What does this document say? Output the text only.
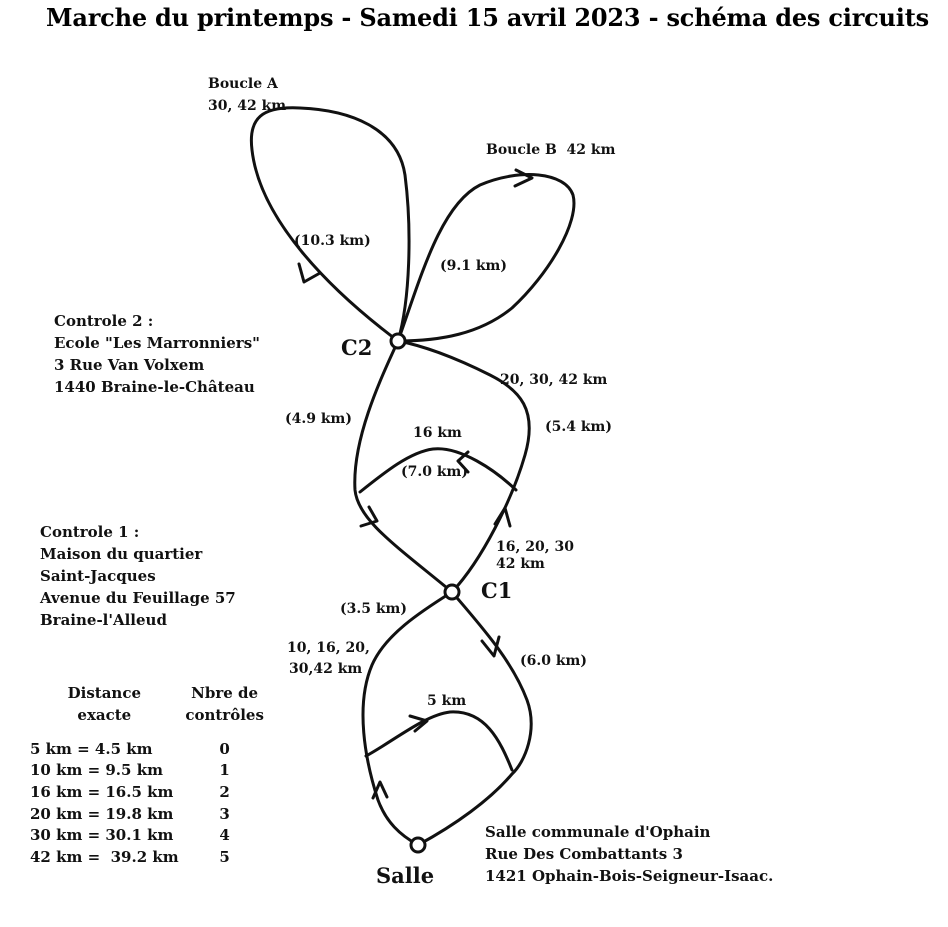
Marche du printemps - Samedi 15 avril 2023 - schéma des circuits
Boucle A
30, 42 km
Boucle B  42 km
(10.3 km)
(9.1 km)
C2
C1
Salle
(4.9 km)
20, 30, 42 km
(5.4 km)
16 km
(7.0 km)
16, 20, 30
42 km
(3.5 km)
10, 16, 20,
30,42 km	(6.0 km)
5 km
Controle 2 :
Ecole "Les Marronniers"
3 Rue Van Volxem
1440 Braine-le-Château
Controle 1 :
Maison du quartier
Saint-Jacques
Avenue du Feuillage 57
Braine-l'Alleud
Salle communale d'Ophain
Rue Des Combattants 3
1421 Ophain-Bois-Seigneur-Isaac.
Distance	Nbre de
exacte	contrôles

5 km = 4.5 km	0
10 km = 9.5 km	1
16 km = 16.5 km	2
20 km = 19.8 km	3
30 km = 30.1 km	4
42 km =  39.2 km	5
